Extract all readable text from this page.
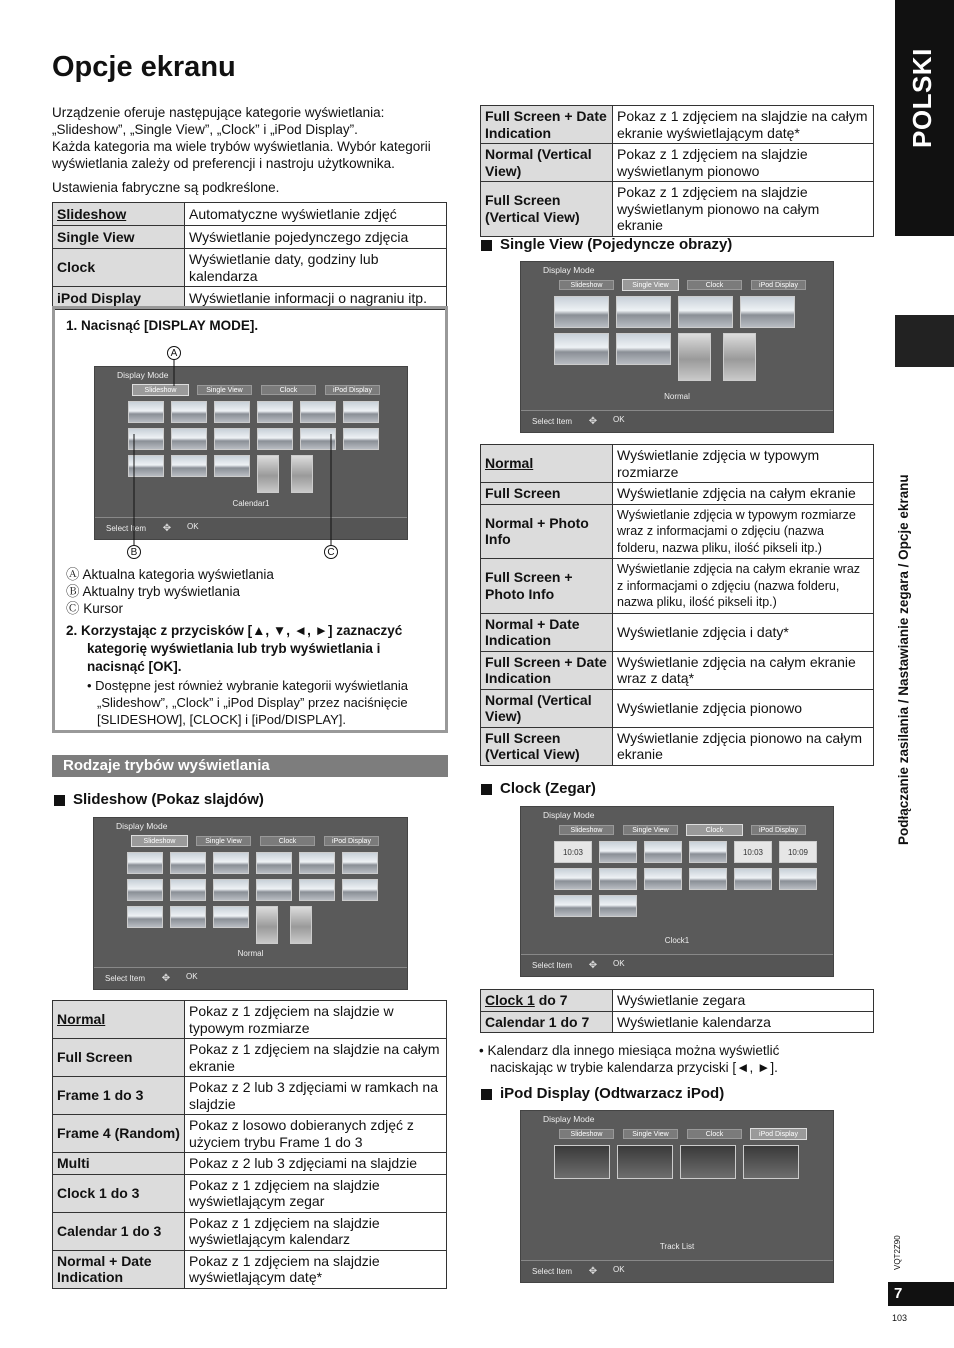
Opcje ekranu

Urządzenie oferuje następujące kategorie wyświetlania:

„Slideshow”, „Single View”, „Clock” i „iPod Display”.

Każda kategoria ma wiele trybów wyświetlania. Wybór kategorii

wyświetlania zależy od preferencji i nastroju użytkownika.

Ustawienia fabryczne są podkreślone.

Slideshow	Automatyczne wyświetlanie zdjęć
Single View	Wyświetlanie pojedynczego zdjęcia
Clock	Wyświetlanie daty, godziny lub kalendarza
iPod Display	Wyświetlanie informacji o nagraniu itp.
1. Nacisnąć [DISPLAY MODE].
Display Mode
Slideshow	Single View	Clock	iPod Display
Calendar1
Select Item	✥	OK
A
B	C
Ⓐ Aktualna kategoria wyświetlania
Ⓑ Aktualny tryb wyświetlania
Ⓒ Kursor
2. Korzystając z przycisków [▲, ▼, ◄, ►] zaznaczyć
kategorię wyświetlania lub tryb wyświetlania i
nacisnąć [OK].
• Dostępne jest również wybranie kategorii wyświetlania
„Slideshow”, „Clock” i „iPod Display” przez naciśnięcie
[SLIDESHOW], [CLOCK] i [iPod/DISPLAY].
Rodzaje trybów wyświetlania
Slideshow (Pokaz slajdów)
Display Mode
Slideshow	Single View	Clock	iPod Display
Normal
Select Item	✥	OK
Normal	Pokaz z 1 zdjęciem na slajdzie w typowym rozmiarze
Full Screen	Pokaz z 1 zdjęciem na slajdzie na całym ekranie
Frame 1 do 3	Pokaz z 2 lub 3 zdjęciami w ramkach na slajdzie
Frame 4 (Random)	Pokaz z losowo dobieranych zdjęć z użyciem trybu Frame 1 do 3
Multi	Pokaz z 2 lub 3 zdjęciami na slajdzie
Clock 1 do 3	Pokaz z 1 zdjęciem na slajdzie wyświetlającym zegar
Calendar 1 do 3	Pokaz z 1 zdjęciem na slajdzie wyświetlającym kalendarz
Normal + Date Indication	Pokaz z 1 zdjęciem na slajdzie wyświetlającym datę*
Full Screen + Date Indication	Pokaz z 1 zdjęciem na slajdzie na całym ekranie wyświetlającym datę*
Normal (Vertical View)	Pokaz z 1 zdjęciem na slajdzie wyświetlanym pionowo
Full Screen (Vertical View)	Pokaz z 1 zdjęciem na slajdzie wyświetlanym pionowo na całym ekranie
Single View (Pojedyncze obrazy)
Display Mode
Slideshow	Single View	Clock	iPod Display
Normal
Select Item	✥	OK
Normal	Wyświetlanie zdjęcia w typowym rozmiarze
Full Screen	Wyświetlanie zdjęcia na całym ekranie
Normal + Photo Info	Wyświetlanie zdjęcia w typowym rozmiarze wraz z informacjami o zdjęciu (nazwa folderu, nazwa pliku, ilość pikseli itp.)
Full Screen + Photo Info	Wyświetlanie zdjęcia na całym ekranie wraz z informacjami o zdjęciu (nazwa folderu, nazwa pliku, ilość pikseli itp.)
Normal + Date Indication	Wyświetlanie zdjęcia i daty*
Full Screen + Date Indication	Wyświetlanie zdjęcia na całym ekranie wraz z datą*
Normal (Vertical View)	Wyświetlanie zdjęcia pionowo
Full Screen (Vertical View)	Wyświetlanie zdjęcia pionowo na całym ekranie
Clock (Zegar)
Display Mode
Slideshow	Single View	Clock	iPod Display
10:03	10:03	10:09
Clock1
Select Item	✥	OK
Clock 1 do 7	Wyświetlanie zegara
Calendar 1 do 7	Wyświetlanie kalendarza
• Kalendarz dla innego miesiąca można wyświetlić
naciskając w trybie kalendarza przyciski [◄, ►].
iPod Display (Odtwarzacz iPod)
Display Mode
Slideshow	Single View	Clock	iPod Display
Track List
Select Item	✥	OK
POLSKI
Podłączanie zasilania / Nastawianie zegara / Opcje ekranu
VQT2Z90
7
103
